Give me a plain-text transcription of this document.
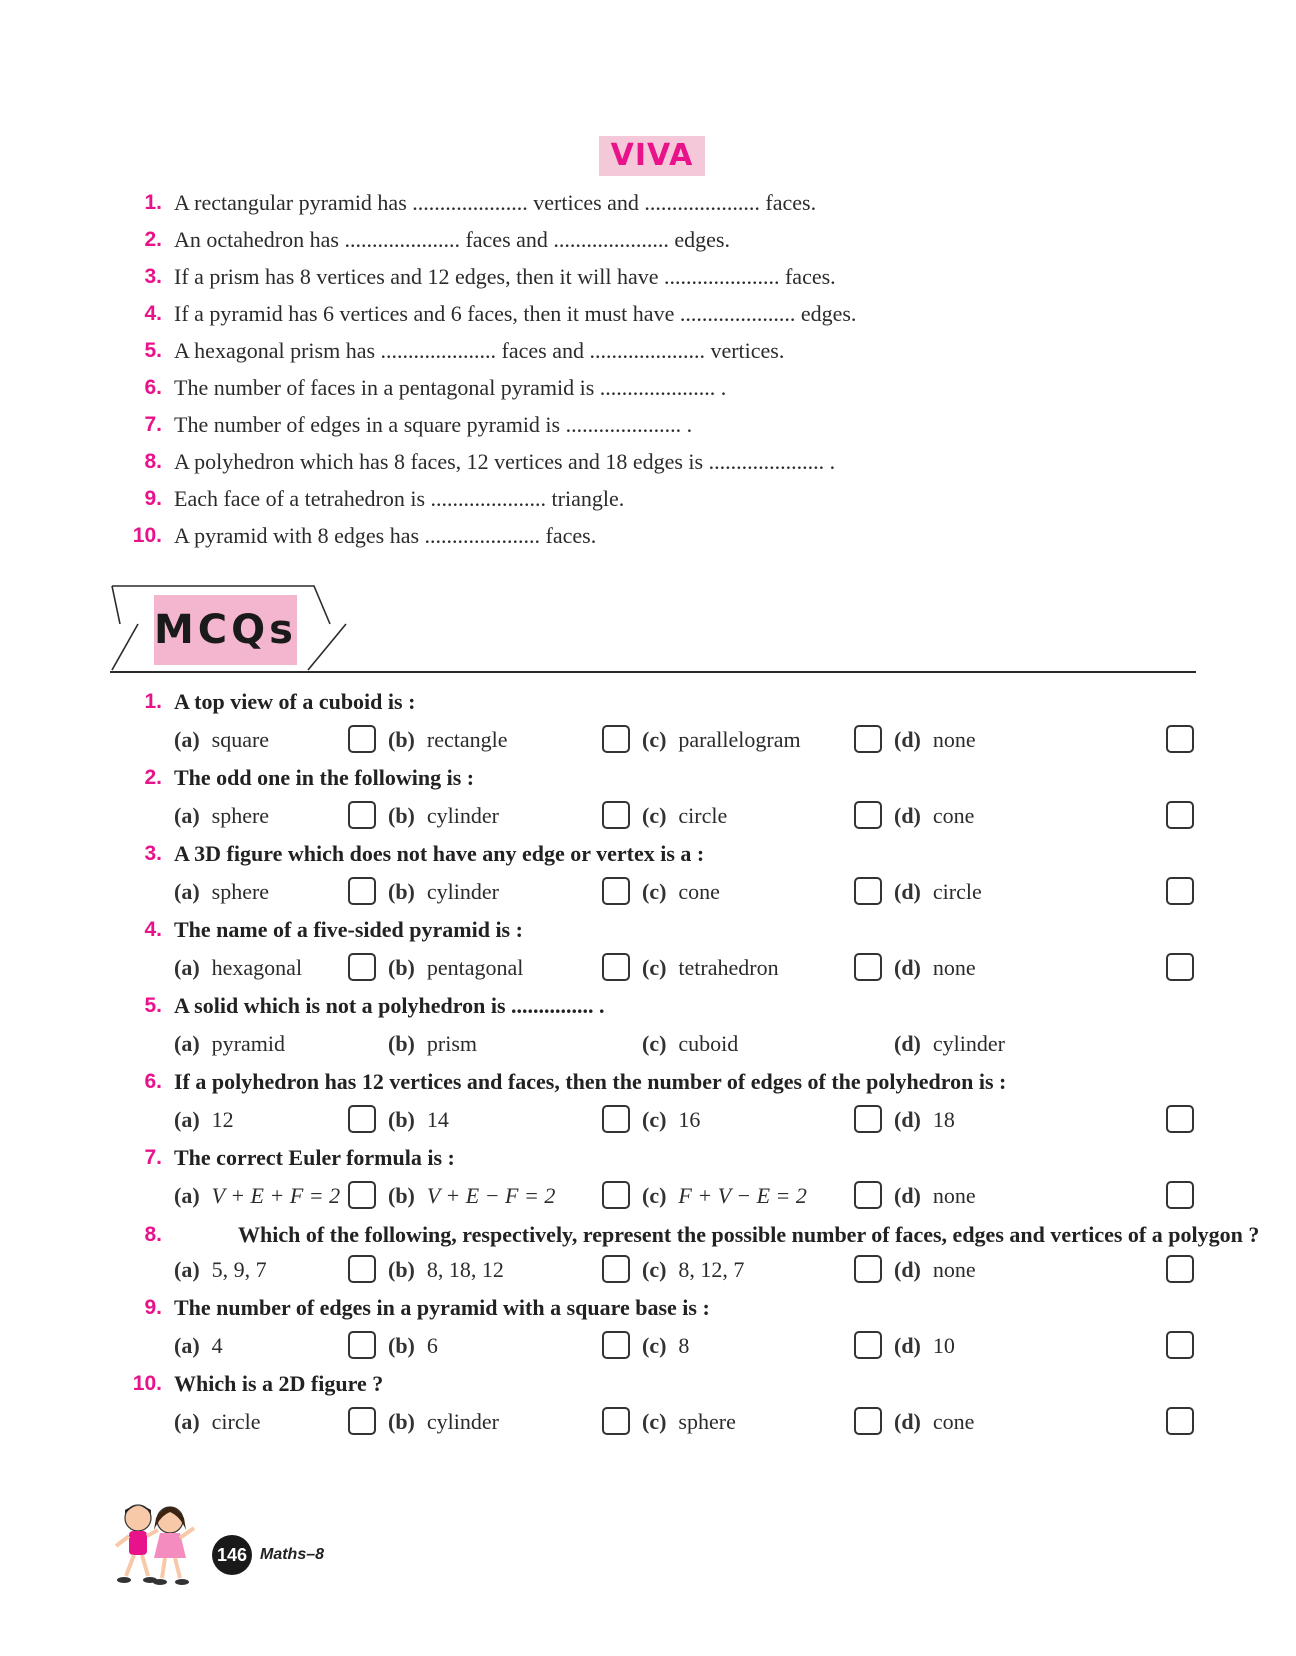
VIVA
1. A rectangular pyramid has ..................... vertices and ..................... faces.
2. An octahedron has ..................... faces and ..................... edges.
3. If a prism has 8 vertices and 12 edges, then it will have ..................... faces.
4. If a pyramid has 6 vertices and 6 faces, then it must have ..................... edges.
5. A hexagonal prism has ..................... faces and ..................... vertices.
6. The number of faces in a pentagonal pyramid is ..................... .
7. The number of edges in a square pyramid is ..................... .
8. A polyhedron which has 8 faces, 12 vertices and 18 edges is ..................... .
9. Each face of a tetrahedron is ..................... triangle.
10. A pyramid with 8 edges has ..................... faces.
MCQs
1. A top view of a cuboid is :
(a) square	(b) rectangle	(c) parallelogram	(d) none
2. The odd one in the following is :
(a) sphere	(b) cylinder	(c) circle	(d) cone
3. A 3D figure which does not have any edge or vertex is a :
(a) sphere	(b) cylinder	(c) cone	(d) circle
4. The name of a five-sided pyramid is :
(a) hexagonal	(b) pentagonal	(c) tetrahedron	(d) none
5. A solid which is not a polyhedron is ............... .
(a) pyramid	(b) prism	(c) cuboid	(d) cylinder
6. If a polyhedron has 12 vertices and faces, then the number of edges of the polyhedron is :
(a) 12	(b) 14	(c) 16	(d) 18
7. The correct Euler formula is :
(a) V + E + F = 2 (b) V + E − F = 2	(c) F + V − E = 2	(d) none
8.	Which of the following, respectively, represent the possible number of faces, edges and vertices of a polygon ?
(a) 5, 9, 7	(b) 8, 18, 12	(c) 8, 12, 7	(d) none
9. The number of edges in a pyramid with a square base is :
(a) 4	(b) 6	(c) 8	(d) 10
10. Which is a 2D figure ?
(a) circle	(b) cylinder	(c) sphere	(d) cone
146 Maths–8
